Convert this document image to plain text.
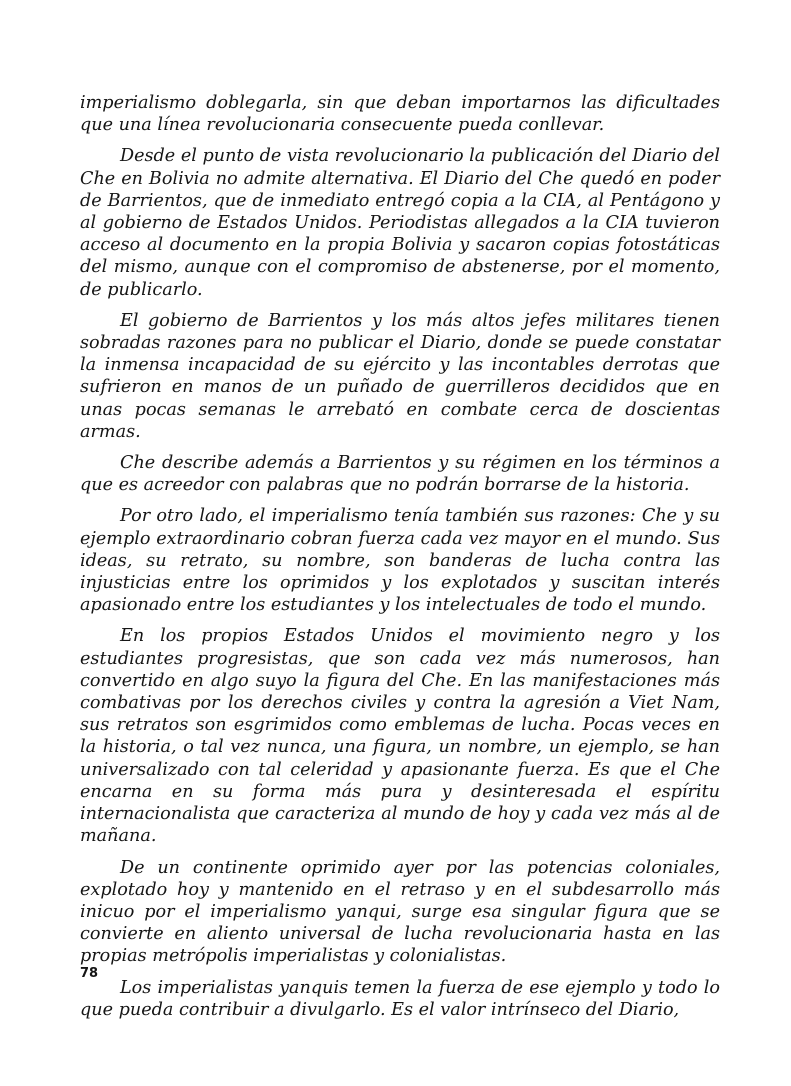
imperialismo doblegarla, sin que deban importarnos las dificultades que una línea revolucionaria consecuente pueda conllevar.

Desde el punto de vista revolucionario la publicación del Diario del Che en Bolivia no admite alternativa. El Diario del Che quedó en poder de Barrientos, que de inmediato entregó copia a la CIA, al Pentágono y al gobierno de Estados Unidos. Periodistas allegados a la CIA tuvieron acceso al documento en la propia Bolivia y sacaron copias fotostáticas del mismo, aunque con el compromiso de abstenerse, por el momento, de publicarlo.

El gobierno de Barrientos y los más altos jefes militares tienen sobradas razones para no publicar el Diario, donde se puede constatar la inmensa incapacidad de su ejército y las incontables derrotas que sufrieron en manos de un puñado de guerrilleros decididos que en unas pocas semanas le arrebató en combate cerca de doscientas armas.

Che describe además a Barrientos y su régimen en los términos a que es acreedor con palabras que no podrán borrarse de la historia.

Por otro lado, el imperialismo tenía también sus razones: Che y su ejemplo extraordinario cobran fuerza cada vez mayor en el mundo. Sus ideas, su retrato, su nombre, son banderas de lucha contra las injusticias entre los oprimidos y los explotados y suscitan interés apasionado entre los estudiantes y los intelectuales de todo el mundo.

En los propios Estados Unidos el movimiento negro y los estudiantes progresistas, que son cada vez más numerosos, han convertido en algo suyo la figura del Che. En las manifestaciones más combativas por los derechos civiles y contra la agresión a Viet Nam, sus retratos son esgrimidos como emblemas de lucha. Pocas veces en la historia, o tal vez nunca, una figura, un nombre, un ejemplo, se han universalizado con tal celeridad y apasionante fuerza. Es que el Che encarna en su forma más pura y desinteresada el espíritu internacionalista que caracteriza al mundo de hoy y cada vez más al de mañana.

De un continente oprimido ayer por las potencias coloniales, explotado hoy y mantenido en el retraso y en el subdesarrollo más inicuo por el imperialismo yanqui, surge esa singular figura que se convierte en aliento universal de lucha revolucionaria hasta en las propias metrópolis imperialistas y colonialistas.

Los imperialistas yanquis temen la fuerza de ese ejemplo y todo lo que pueda contribuir a divulgarlo. Es el valor intrínseco del Diario,

78
